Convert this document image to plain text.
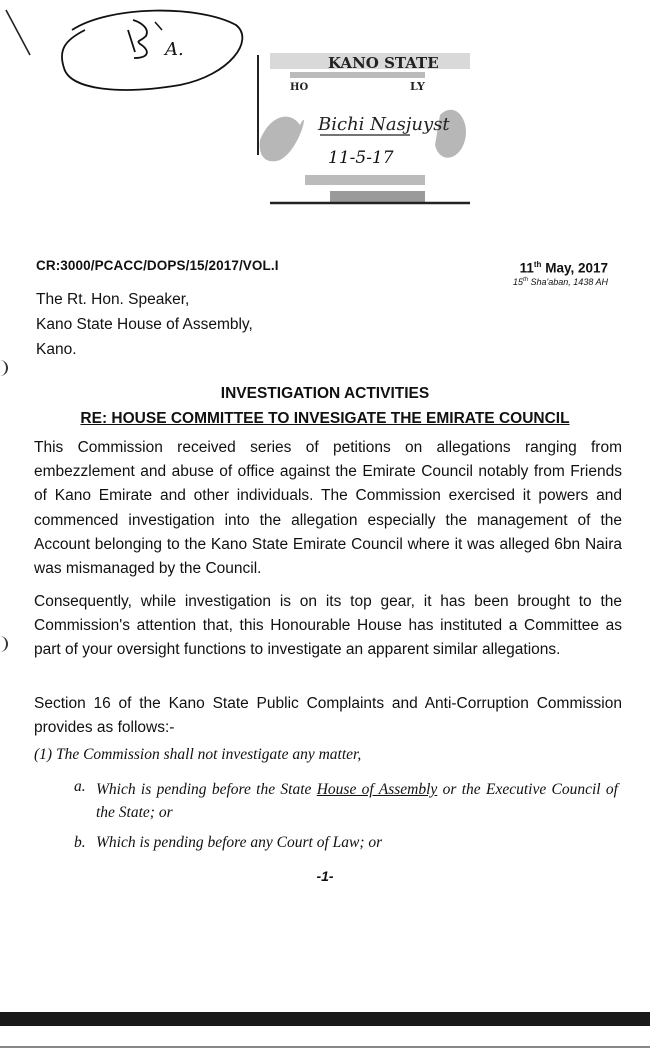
A.
KANO STATE
HO	LY
Bichi Nasjuyst
11-5-17
CR:3000/PCACC/DOPS/15/2017/VOL.I	11th May, 2017
15th Sha'aban, 1438 AH
The Rt. Hon. Speaker,
Kano State House of Assembly,
Kano.
INVESTIGATION ACTIVITIES
RE: HOUSE COMMITTEE TO INVESIGATE THE EMIRATE COUNCIL
This Commission received series of petitions on allegations ranging from embezzlement and abuse of office against the Emirate Council notably from Friends of Kano Emirate and other individuals. The Commission exercised it powers and commenced investigation into the allegation especially the management of the Account belonging to the Kano State Emirate Council where it was alleged 6bn Naira was mismanaged by the Council.
Consequently, while investigation is on its top gear, it has been brought to the Commission's attention that, this Honourable House has instituted a Committee as part of your oversight functions to investigate an apparent similar allegations.
Section 16 of the Kano State Public Complaints and Anti-Corruption Commission provides as follows:-
(1) The Commission shall not investigate any matter,
a. Which is pending before the State House of Assembly or the Executive Council of the State; or
b. Which is pending before any Court of Law; or
-1-
